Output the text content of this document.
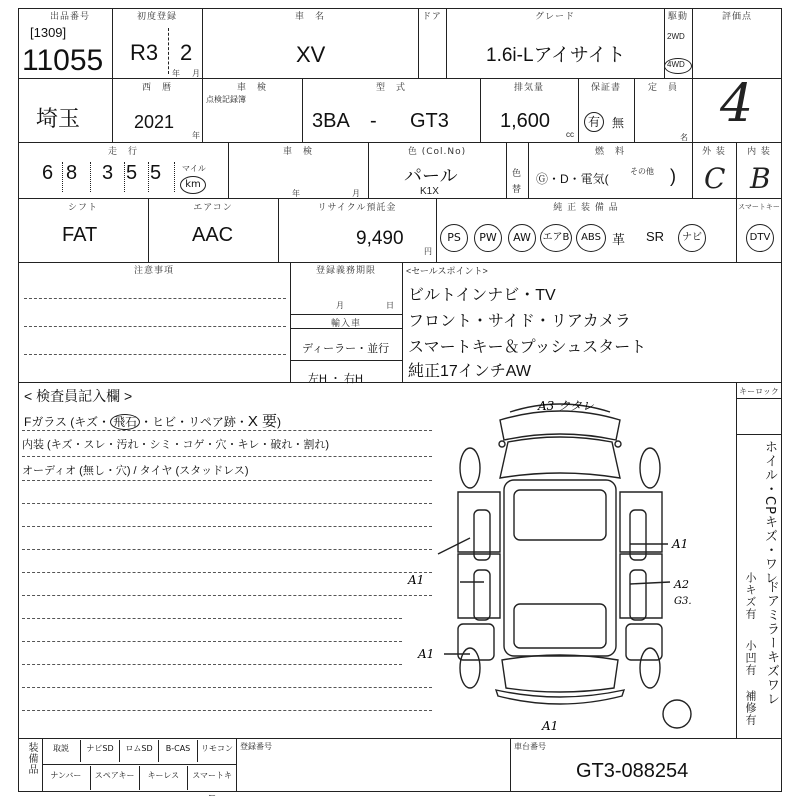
出品番号
[1309]
11055
初度登録
R3 2
年 月
車　名
XV
ドア	グレード
1.6i-Lアイサイト
駆動
2WD
4WD
評価点
4
埼玉
西　暦
2021
年
車　検
点検記録簿
型　式
3BA - GT3
排気量
1,600
cc
保証書
有	無
定　員
名
走　行
6 8 3 5 5	マイル
km
車　検
年	月
色 (Col.No)
パール
K1X
色
替
燃　料
Ⓖ・D・電気(
その他 )
外 装
C
内 装
B
シフト
FAT
エアコン
AAC
リサイクル預託金
9,490
円
純 正 装 備 品
PS	PW	AW	エアB	ABS 革 SR	ナビ
スマートキー
DTV
注意事項	登録義務期限
月	日
輸入車
ディーラー・並行
左H ・ 右H
<セールスポイント>
ビルトインナビ・TV
フロント・サイド・リアカメラ
スマートキー＆プッシュスタート
純正17インチAW
< 検査員記入欄 >
Fガラス (キズ・ 飛石 ・ヒビ・リペア跡・X 要)
内装 (キズ・スレ・汚れ・シミ・コゲ・穴・キレ・破れ・割れ)
オーディオ (無し・穴) / タイヤ (スタッドレス)
A3 クタレ
A1
A1	A2
G3.
A1
A1
キーロック
ホイル・CPキズ・ワレ
ドアミラーキズワレ
小キズ有
小凹有
補修有
装備品	取説	ナビSD	ロムSD	B-CAS	リモコン
ナンバー	スペアキー	キーレス	スマートキー
登録番号	車台番号
GT3-088254
